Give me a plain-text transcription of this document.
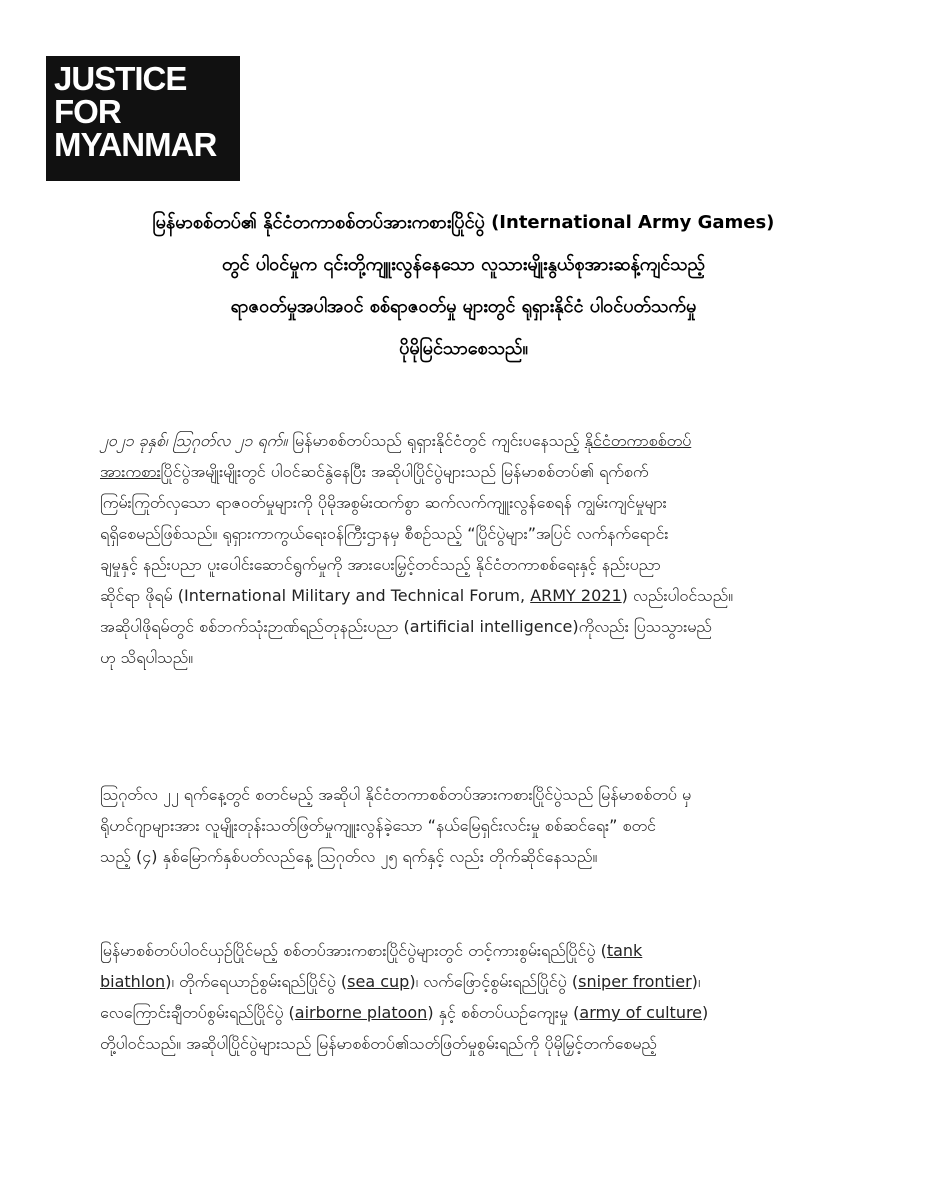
JUSTICE
FOR
MYANMAR
မြန်မာစစ်တပ်၏ နိုင်ငံတကာစစ်တပ်အားကစားပြိုင်ပွဲ (International Army Games)
တွင် ပါဝင်မှုက ၎င်းတို့ကျူးလွန်နေသော လူသားမျိုးနွယ်စုအားဆန့်ကျင်သည့်
ရာဇဝတ်မှုအပါအဝင် စစ်ရာဇဝတ်မှု များတွင် ရုရှားနိုင်ငံ ပါဝင်ပတ်သက်မှု
ပိုမိုမြင်သာစေသည်။
၂၀၂၁ ခုနှစ်၊ ဩဂုတ်လ ၂၁ ရက်။ မြန်မာစစ်တပ်သည် ရုရှားနိုင်ငံတွင် ကျင်းပနေသည့် နိုင်ငံတကာစစ်တပ်
အားကစားပြိုင်ပွဲအမျိုးမျိုးတွင် ပါဝင်ဆင်နွဲနေပြီး အဆိုပါပြိုင်ပွဲများသည် မြန်မာစစ်တပ်၏ ရက်စက်
ကြမ်းကြုတ်လှသော ရာဇဝတ်မှုများကို ပိုမိုအစွမ်းထက်စွာ ဆက်လက်ကျူးလွန်စေရန် ကျွမ်းကျင်မှုများ
ရရှိစေမည်ဖြစ်သည်။ ရုရှားကာကွယ်ရေးဝန်ကြီးဌာနမှ စီစဉ်သည့် “ပြိုင်ပွဲများ”အပြင် လက်နက်ရောင်း
ချမှုနှင့် နည်းပညာ ပူးပေါင်းဆောင်ရွက်မှုကို အားပေးမြှင့်တင်သည့် နိုင်ငံတကာစစ်ရေးနှင့် နည်းပညာ
ဆိုင်ရာ ဖိုရမ် (International Military and Technical Forum, ARMY 2021) လည်းပါဝင်သည်။
အဆိုပါဖိုရမ်တွင် စစ်ဘက်သုံးဉာဏ်ရည်တုနည်းပညာ (artificial intelligence)ကိုလည်း ပြသသွားမည်
ဟု သိရပါသည်။
ဩဂုတ်လ ၂၂ ရက်နေ့တွင် စတင်မည့် အဆိုပါ နိုင်ငံတကာစစ်တပ်အားကစားပြိုင်ပွဲသည် မြန်မာစစ်တပ် မှ
ရိုဟင်ဂျာများအား လူမျိုးတုန်းသတ်ဖြတ်မှုကျူးလွန်ခဲ့သော “နယ်မြေရှင်းလင်းမှု စစ်ဆင်ရေး” စတင်
သည့် (၄) နှစ်မြောက်နှစ်ပတ်လည်နေ့ ဩဂုတ်လ ၂၅ ရက်နှင့် လည်း တိုက်ဆိုင်နေသည်။
မြန်မာစစ်တပ်ပါဝင်ယှဉ်ပြိုင်မည့် စစ်တပ်အားကစားပြိုင်ပွဲများတွင် တင့်ကားစွမ်းရည်ပြိုင်ပွဲ (tank
biathlon)၊ တိုက်ရေယာဉ်စွမ်းရည်ပြိုင်ပွဲ (sea cup)၊ လက်ဖြောင့်စွမ်းရည်ပြိုင်ပွဲ (sniper frontier)၊
လေကြောင်းချီတပ်စွမ်းရည်ပြိုင်ပွဲ (airborne platoon) နှင့် စစ်တပ်ယဉ်ကျေးမှု (army of culture)
တို့ပါဝင်သည်။ အဆိုပါပြိုင်ပွဲများသည် မြန်မာစစ်တပ်၏သတ်ဖြတ်မှုစွမ်းရည်ကို ပိုမိုမြှင့်တက်စေမည့်
